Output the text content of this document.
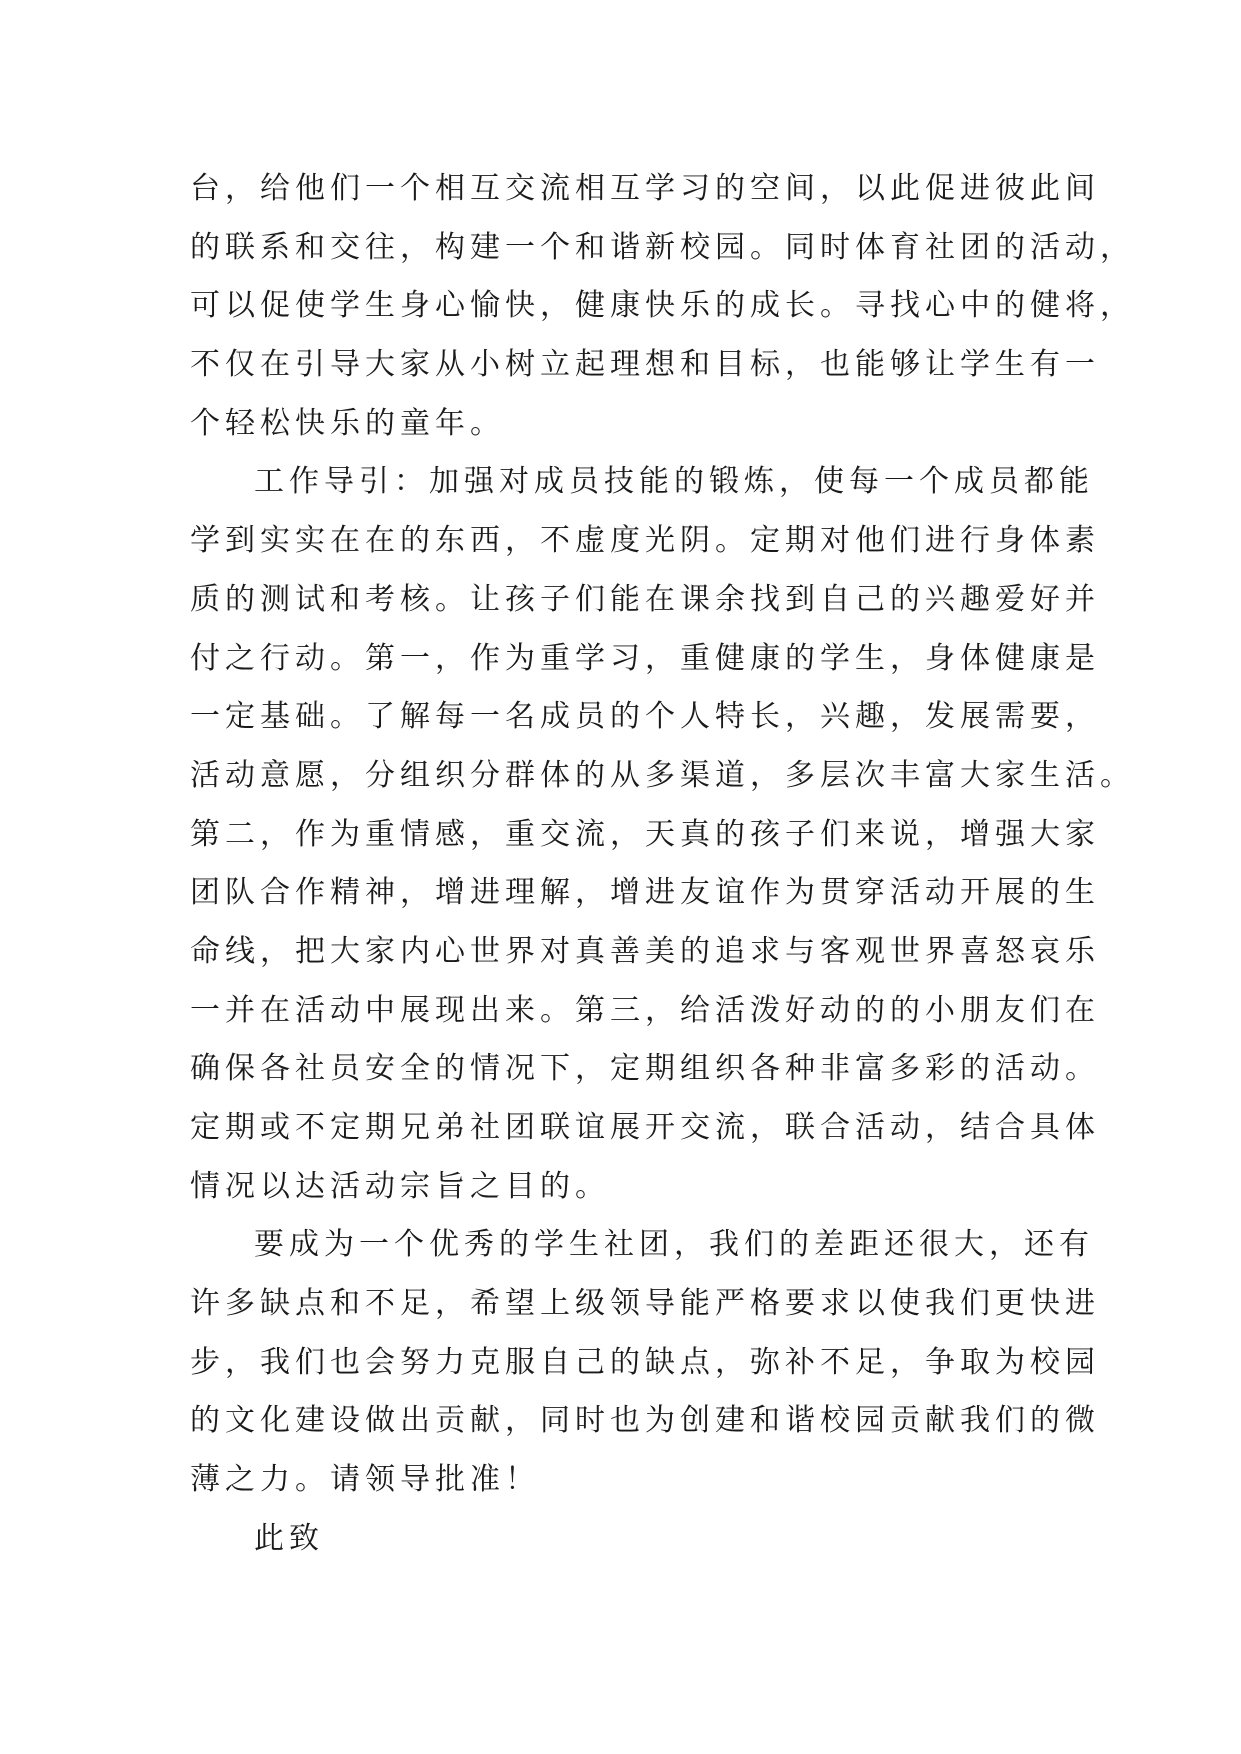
台，给他们一个相互交流相互学习的空间，以此促进彼此间
的联系和交往，构建一个和谐新校园。同时体育社团的活动，
可以促使学生身心愉快，健康快乐的成长。寻找心中的健将，
不仅在引导大家从小树立起理想和目标，也能够让学生有一
个轻松快乐的童年。
工作导引：加强对成员技能的锻炼，使每一个成员都能
学到实实在在的东西，不虚度光阴。定期对他们进行身体素
质的测试和考核。让孩子们能在课余找到自己的兴趣爱好并
付之行动。第一，作为重学习，重健康的学生，身体健康是
一定基础。了解每一名成员的个人特长，兴趣，发展需要，
活动意愿，分组织分群体的从多渠道，多层次丰富大家生活。
第二，作为重情感，重交流，天真的孩子们来说，增强大家
团队合作精神，增进理解，增进友谊作为贯穿活动开展的生
命线，把大家内心世界对真善美的追求与客观世界喜怒哀乐
一并在活动中展现出来。第三，给活泼好动的的小朋友们在
确保各社员安全的情况下，定期组织各种非富多彩的活动。
定期或不定期兄弟社团联谊展开交流，联合活动，结合具体
情况以达活动宗旨之目的。
要成为一个优秀的学生社团，我们的差距还很大，还有
许多缺点和不足，希望上级领导能严格要求以使我们更快进
步，我们也会努力克服自己的缺点，弥补不足，争取为校园
的文化建设做出贡献，同时也为创建和谐校园贡献我们的微
薄之力。请领导批准！
此致
